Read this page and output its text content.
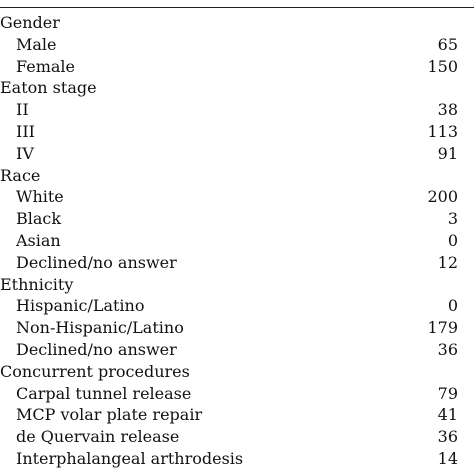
Gender
Male	65
Female	150
Eaton stage
II	38
III	113
IV	91
Race
White	200
Black	3
Asian	0
Declined/no answer	12
Ethnicity
Hispanic/Latino	0
Non-Hispanic/Latino	179
Declined/no answer	36
Concurrent procedures
Carpal tunnel release	79
MCP volar plate repair	41
de Quervain release	36
Interphalangeal arthrodesis	14
